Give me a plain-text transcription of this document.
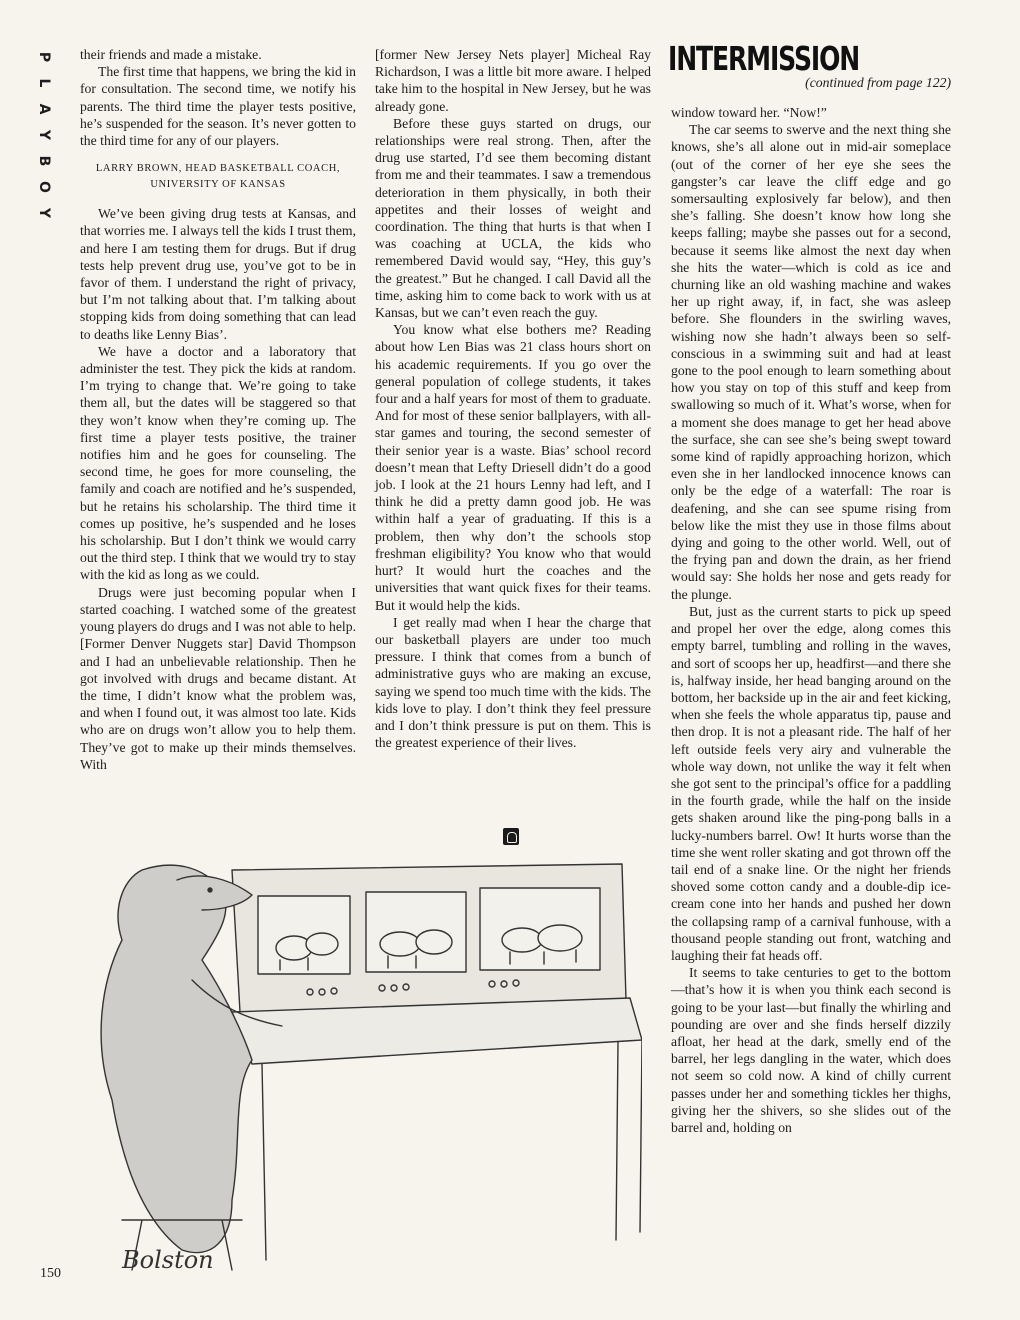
P
L
A
Y
B
O
Y

their friends and made a mistake.

The first time that happens, we bring the kid in for consultation. The second time, we notify his parents. The third time the player tests positive, he’s suspended for the season. It’s never gotten to the third time for any of our players.

LARRY BROWN, HEAD BASKETBALL COACH,
UNIVERSITY OF KANSAS

We’ve been giving drug tests at Kansas, and that worries me. I always tell the kids I trust them, and here I am testing them for drugs. But if drug tests help prevent drug use, you’ve got to be in favor of them. I understand the right of privacy, but I’m not talking about that. I’m talking about stopping kids from doing something that can lead to deaths like Lenny Bias’.

We have a doctor and a laboratory that administer the test. They pick the kids at random. I’m trying to change that. We’re going to take them all, but the dates will be staggered so that they won’t know when they’re coming up. The first time a player tests positive, the trainer notifies him and he goes for counseling. The second time, he goes for more counseling, the family and coach are notified and he’s suspended, but he retains his scholarship. The third time it comes up positive, he’s suspended and he loses his scholarship. But I don’t think we would carry out the third step. I think that we would try to stay with the kid as long as we could.

Drugs were just becoming popular when I started coaching. I watched some of the greatest young players do drugs and I was not able to help. [Former Denver Nuggets star] David Thompson and I had an unbelievable relationship. Then he got involved with drugs and became distant. At the time, I didn’t know what the problem was, and when I found out, it was almost too late. Kids who are on drugs won’t allow you to help them. They’ve got to make up their minds themselves. With

[former New Jersey Nets player] Micheal Ray Richardson, I was a little bit more aware. I helped take him to the hospital in New Jersey, but he was already gone.

Before these guys started on drugs, our relationships were real strong. Then, after the drug use started, I’d see them becoming distant from me and their teammates. I saw a tremendous deterioration in them physically, in both their appetites and their losses of weight and coordination. The thing that hurts is that when I was coaching at UCLA, the kids who remembered David would say, “Hey, this guy’s the greatest.” But he changed. I call David all the time, asking him to come back to work with us at Kansas, but we can’t even reach the guy.

You know what else bothers me? Reading about how Len Bias was 21 class hours short on his academic requirements. If you go over the general population of college students, it takes four and a half years for most of them to graduate. And for most of these senior ballplayers, with all-star games and touring, the second semester of their senior year is a waste. Bias’ school record doesn’t mean that Lefty Driesell didn’t do a good job. I look at the 21 hours Lenny had left, and I think he did a pretty damn good job. He was within half a year of graduating. If this is a problem, then why don’t the schools stop freshman eligibility? You know who that would hurt? It would hurt the coaches and the universities that want quick fixes for their teams. But it would help the kids.

I get really mad when I hear the charge that our basketball players are under too much pressure. I think that comes from a bunch of administrative guys who are making an excuse, saying we spend too much time with the kids. The kids love to play. I don’t think they feel pressure and I don’t think pressure is put on them. This is the greatest experience of their lives.

INTERMISSION
(continued from page 122)

window toward her. “Now!”

The car seems to swerve and the next thing she knows, she’s all alone out in mid-air someplace (out of the corner of her eye she sees the gangster’s car leave the cliff edge and go somersaulting explosively far below), and then she’s falling. She doesn’t know how long she keeps falling; maybe she passes out for a second, because it seems like almost the next day when she hits the water—which is cold as ice and churning like an old washing machine and wakes her up right away, if, in fact, she was asleep before. She flounders in the swirling waves, wishing now she hadn’t always been so self-conscious in a swimming suit and had at least gone to the pool enough to learn something about how you stay on top of this stuff and keep from swallowing so much of it. What’s worse, when for a moment she does manage to get her head above the surface, she can see she’s being swept toward some kind of rapidly approaching horizon, which even she in her landlocked innocence knows can only be the edge of a waterfall: The roar is deafening, and she can see spume rising from below like the mist they use in those films about dying and going to the other world. Well, out of the frying pan and down the drain, as her friend would say: She holds her nose and gets ready for the plunge.

But, just as the current starts to pick up speed and propel her over the edge, along comes this empty barrel, tumbling and rolling in the waves, and sort of scoops her up, headfirst—and there she is, halfway inside, her head banging around on the bottom, her backside up in the air and feet kicking, when she feels the whole apparatus tip, pause and then drop. It is not a pleasant ride. The half of her left outside feels very airy and vulnerable the whole way down, not unlike the way it felt when she got sent to the principal’s office for a paddling in the fourth grade, while the half on the inside gets shaken around like the ping-pong balls in a lucky-numbers barrel. Ow! It hurts worse than the time she went roller skating and got thrown off the tail end of a snake line. Or the night her friends shoved some cotton candy and a double-dip ice-cream cone into her hands and pushed her down the collapsing ramp of a carnival funhouse, with a thousand people standing out front, watching and laughing their fat heads off.

It seems to take centuries to get to the bottom—that’s how it is when you think each second is going to be your last—but finally the whirling and pounding are over and she finds herself dizzily afloat, her head at the dark, smelly end of the barrel, her legs dangling in the water, which does not seem so cold now. A kind of chilly current passes under her and something tickles her thighs, giving her the shivers, so she slides out of the barrel and, holding on

Bolston
150
